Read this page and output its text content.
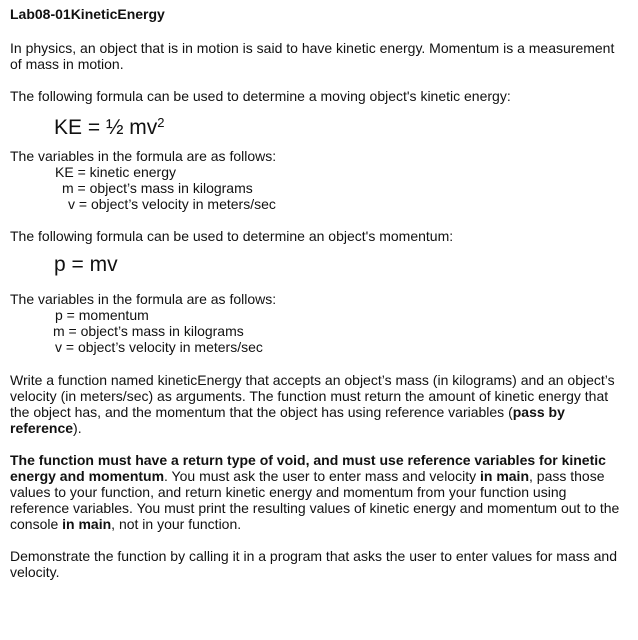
Lab08-01KineticEnergy

In physics, an object that is in motion is said to have kinetic energy. Momentum is a measurement of mass in motion.

The following formula can be used to determine a moving object's kinetic energy:

KE = ½ $mv^2$

The variables in the formula are as follows:

KE = kinetic energy

m = object’s mass in kilograms

v = object’s velocity in meters/sec

The following formula can be used to determine an object's momentum:

p = mv

The variables in the formula are as follows:

p = momentum

m = object’s mass in kilograms

v = object’s velocity in meters/sec

Write a function named kineticEnergy that accepts an object’s mass (in kilograms) and an object’s velocity (in meters/sec) as arguments. The function must return the amount of kinetic energy that the object has, and the momentum that the object has using reference variables (pass by reference).

The function must have a return type of void, and must use reference variables for kinetic energy and momentum. You must ask the user to enter mass and velocity in main, pass those values to your function, and return kinetic energy and momentum from your function using reference variables. You must print the resulting values of kinetic energy and momentum out to the console in main, not in your function.

Demonstrate the function by calling it in a program that asks the user to enter values for mass and velocity.
